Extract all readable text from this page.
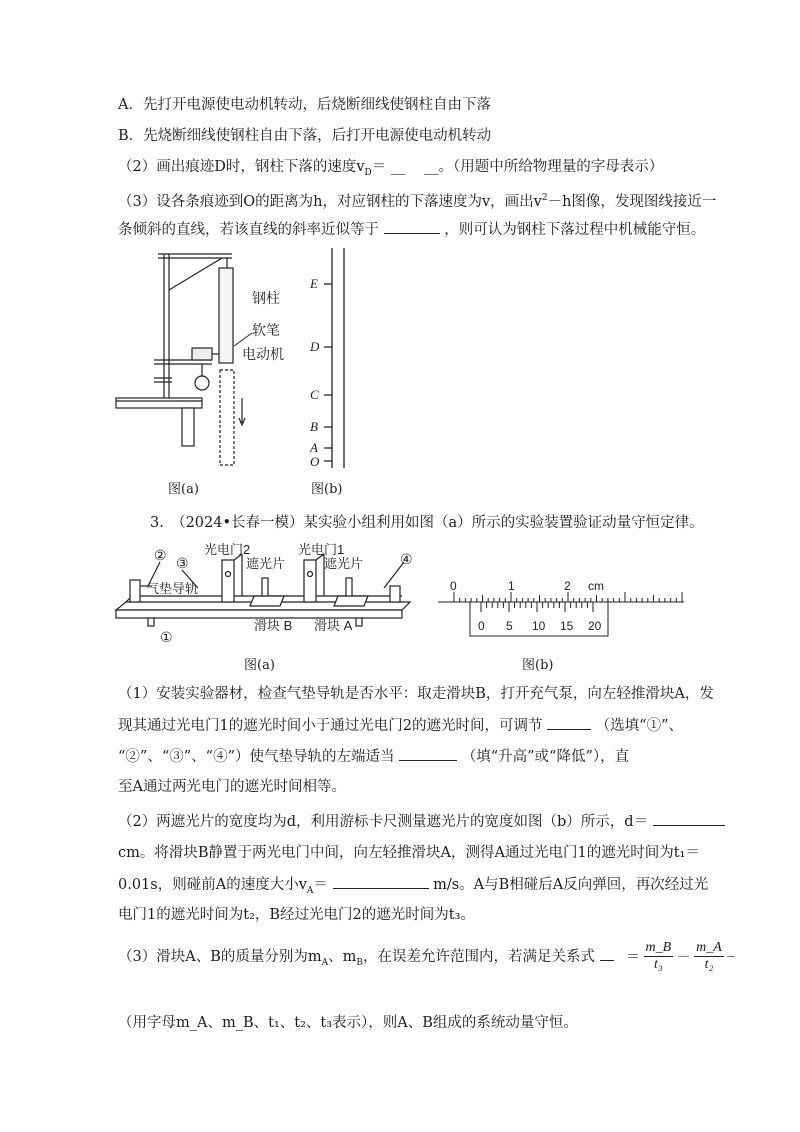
A．先打开电源使电动机转动，后烧断细线使钢柱自由下落
B．先烧断细线使钢柱自由下落，后打开电源使电动机转动
（2）画出痕迹D时，钢柱下落的速度$v_D=$ __ __。（用题中所给物理量的字母表示）
（3）设各条痕迹到O的距离为h，对应钢柱的下落速度为v，画出$v^2-h$图像，发现图线接近一
条倾斜的直线，若该直线的斜率近似等于	，则可认为钢柱下落过程中机械能守恒。
钢柱
软笔
电动机
图(a)
E
D
C
B
A
O
图(b)
3.　（2024•长春一模）某实验小组利用如图（a）所示的实验装置验证动量守恒定律。
② ③
光电门2	光电门1
遮光片	遮光片	④
气垫导轨
滑块 B 滑块 A
①
图(a)
0	1	2 cm
0 5 10 15 20
图(b)
（1）安装实验器材，检查气垫导轨是否水平：取走滑块B，打开充气泵，向左轻推滑块A，发
现其通过光电门1的遮光时间小于通过光电门2的遮光时间，可调节	（选填“①”、
“②”、“③”、“④”）使气垫导轨的左端适当	（填“升高”或“降低”），直
至A通过两光电门的遮光时间相等。
（2）两遮光片的宽度均为d，利用游标卡尺测量遮光片的宽度如图（b）所示，d＝
cm。将滑块B静置于两光电门中间，向左轻推滑块A，测得A通过光电门1的遮光时间为t₁＝
0.01s，则碰前A的速度大小$v_A=$	m/s。A与B相碰后A反向弹回，再次经过光
电门1的遮光时间为t₂，B经过光电门2的遮光时间为t₃。
（3）滑块A、B的质量分别为$m_A$、$m_B$，在误差允许范围内，若满足关系式	＝ $\frac{m\_B}{\text{t₃}} - \frac{m\_A}{\text{t₂}}$ –
（用字母m_A、m_B、t₁、t₂、t₃表示），则A、B组成的系统动量守恒。
